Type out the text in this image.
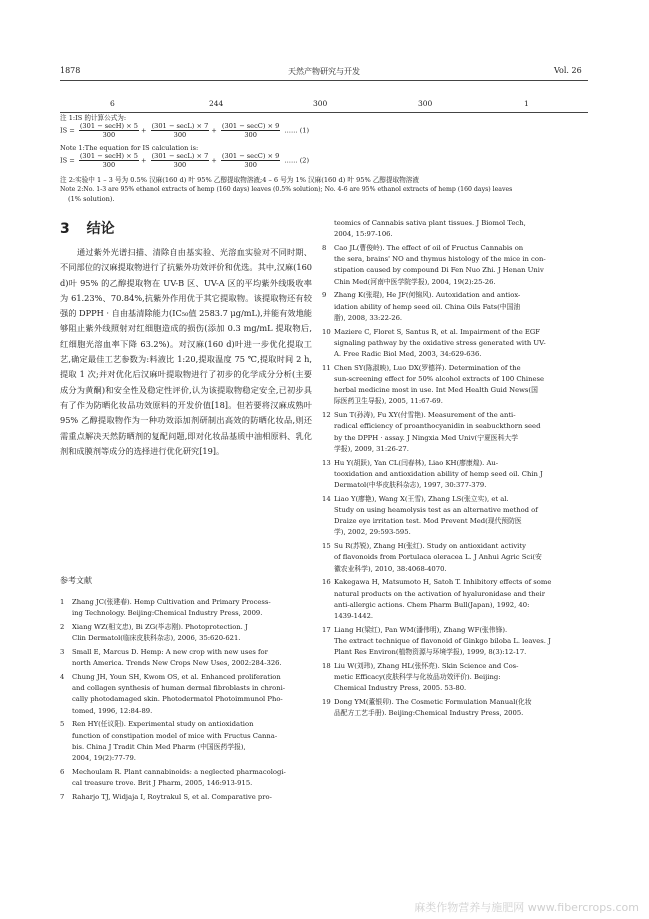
1878	天然产物研究与开发	Vol. 26
6	244	300	300	1
注 1:IS 的计算公式为:
IS = $\frac{(301 - \sec H) \times 5}{300} + \frac{(301 - \sec L) \times 7}{300} + \frac{(301 - \sec C) \times 9}{300}$ …… (1)
Note 1:The equation for IS calculation is:
IS = $\frac{(301 - \sec H) \times 5}{300} + \frac{(301 - \sec L) \times 7}{300} + \frac{(301 - \sec C) \times 9}{300}$ …… (2)
注 2:实验中 1 – 3 号为 0.5% 汉麻(160 d) 叶 95% 乙醇提取物溶液;4 – 6 号为 1% 汉麻(160 d) 叶 95% 乙醇提取物溶液
Note 2:No. 1-3 are 95% ethanol extracts of hemp (160 days) leaves (0.5% solution); No. 4-6 are 95% ethanol extracts of hemp (160 days) leaves
(1% solution).
3 结论
通过紫外光谱扫描、清除自由基实验、光溶血实验对不同时期、不同部位的汉麻提取物进行了抗紫外功效评价和优选。其中,汉麻(160 d)叶 95% 的乙醇提取物在 UV-B 区、UV-A 区的平均紫外线吸收率为 61.23%、70.84%,抗紫外作用优于其它提取物。该提取物还有较强的 DPPH · 自由基清除能力(IC₅₀值 2583.7 μg/mL),并能有效地能够阻止紫外线照射对红细胞造成的损伤(添加 0.3 mg/mL 提取物后,红细胞光溶血率下降 63.2%)。对汉麻(160 d)叶进一步优化提取工艺,确定最佳工艺参数为:料液比 1:20,提取温度 75 ℃,提取时间 2 h,提取 1 次;并对优化后汉麻叶提取物进行了初步的化学成分分析(主要成分为黄酮)和安全性及稳定性评价,认为该提取物稳定安全,已初步具有了作为防晒化妆品功效原料的开发价值[18]。但若要将汉麻成熟叶 95% 乙醇提取物作为一种功效添加剂研制出高效的防晒化妆品,则还需重点解决天然防晒剂的复配问题,即对化妆品基质中油相原料、乳化剂和成膜剂等成分的选择进行优化研究[19]。
参考文献
1 Zhang JC(张建春). Hemp Cultivation and Primary Process-
ing Technology. Beijing:Chemical Industry Press, 2009.
2 Xiang WZ(相文忠), Bi ZG(毕志刚). Photoprotection. J
Clin Dermatol(临床皮肤科杂志), 2006, 35:620-621.
3 Small E, Marcus D. Hemp: A new crop with new uses for
north America. Trends New Crops New Uses, 2002:284-326.
4 Chung JH, Youn SH, Kwom OS, et al. Enhanced proliferation
and collagen synthesis of human dermal fibroblasts in chroni-
cally photodamaged skin. Photodermatol Photoimmunol Pho-
tomed, 1996, 12:84-89.
5 Ren HY(任议阳). Experimental study on antioxidation
function of constipation model of mice with Fructus Canna-
bis. China J Tradit Chin Med Pharm (中国医药学报),
2004, 19(2):77-79.
6 Mechoulam R. Plant cannabinoids: a neglected pharmacologi-
cal treasure trove. Brit J Pharm, 2005, 146:913-915.
7 Raharjo TJ, Widjaja I, Roytrakul S, et al. Comparative pro-
teomics of Cannabis sativa plant tissues. J Biomol Tech,
2004, 15:97-106.
8 Cao JL(曹俊岭). The effect of oil of Fructus Cannabis on
the sera, brains' NO and thymus histology of the mice in con-
stipation caused by compound Di Fen Nuo Zhi. J Henan Univ
Chin Med(河南中医学院学报), 2004, 19(2):25-26.
9 Zhang K(张琨), He JF(何锦风). Autoxidation and antiox-
idation ability of hemp seed oil. China Oils Fats(中国油
脂), 2008, 33:22-26.
10 Maziere C, Floret S, Santus R, et al. Impairment of the EGF
signaling pathway by the oxidative stress generated with UV-
A. Free Radic Biol Med, 2003, 34:629-636.
11 Chen SY(陈淑映), Luo DX(罗德祥). Determination of the
sun-screening effect for 50% alcohol extracts of 100 Chinese
herbal medicine most in use. Int Med Health Guid News(国
际医药卫生导报), 2005, 11:67-69.
12 Sun T(孙涛), Fu XY(付雪艳). Measurement of the anti-
radical efficiency of proanthocyanidin in seabuckthorn seed
by the DPPH · assay. J Ningxia Med Univ(宁夏医科大学
学报), 2009, 31:26-27.
13 Hu Y(胡跃), Yan CL(闫春林), Liao KH(廖康煌). Au-
tooxidation and antioxidation ability of hemp seed oil. Chin J
Dermatol(中华皮肤科杂志), 1997, 30:377-379.
14 Liao Y(廖艳), Wang X(王雪), Zhang LS(张立实), et al.
Study on using heamolysis test as an alternative method of
Draize eye irritation test. Mod Prevent Med(现代预防医
学), 2002, 29:593-595.
15 Su R(苏锐), Zhang H(张红). Study on antioxidant activity
of flavonoids from Portulaca oleracea L. J Anhui Agric Sci(安
徽农业科学), 2010, 38:4068-4070.
16 Kakegawa H, Matsumoto H, Satoh T. Inhibitory effects of some
natural products on the activation of hyaluronidase and their
anti-allergic actions. Chem Pharm Bull(Japan), 1992, 40:
1439-1442.
17 Liang H(梁红), Pan WM(潘伟明), Zhang WF(张伟锋).
The extract technique of flavonoid of Ginkgo biloba L. leaves. J
Plant Res Environ(植物资源与环境学报), 1999, 8(3):12-17.
18 Liu W(刘玮), Zhang HL(张怀亮). Skin Science and Cos-
metic Efficacy(皮肤科学与化妆品功效评价). Beijing:
Chemical Industry Press, 2005. 53-80.
19 Dong YM(董银卯). The Cosmetic Formulation Manual(化妆
品配方工艺手册). Beijing:Chemical Industry Press, 2005.
麻类作物营养与施肥网 www.fibercrops.com
